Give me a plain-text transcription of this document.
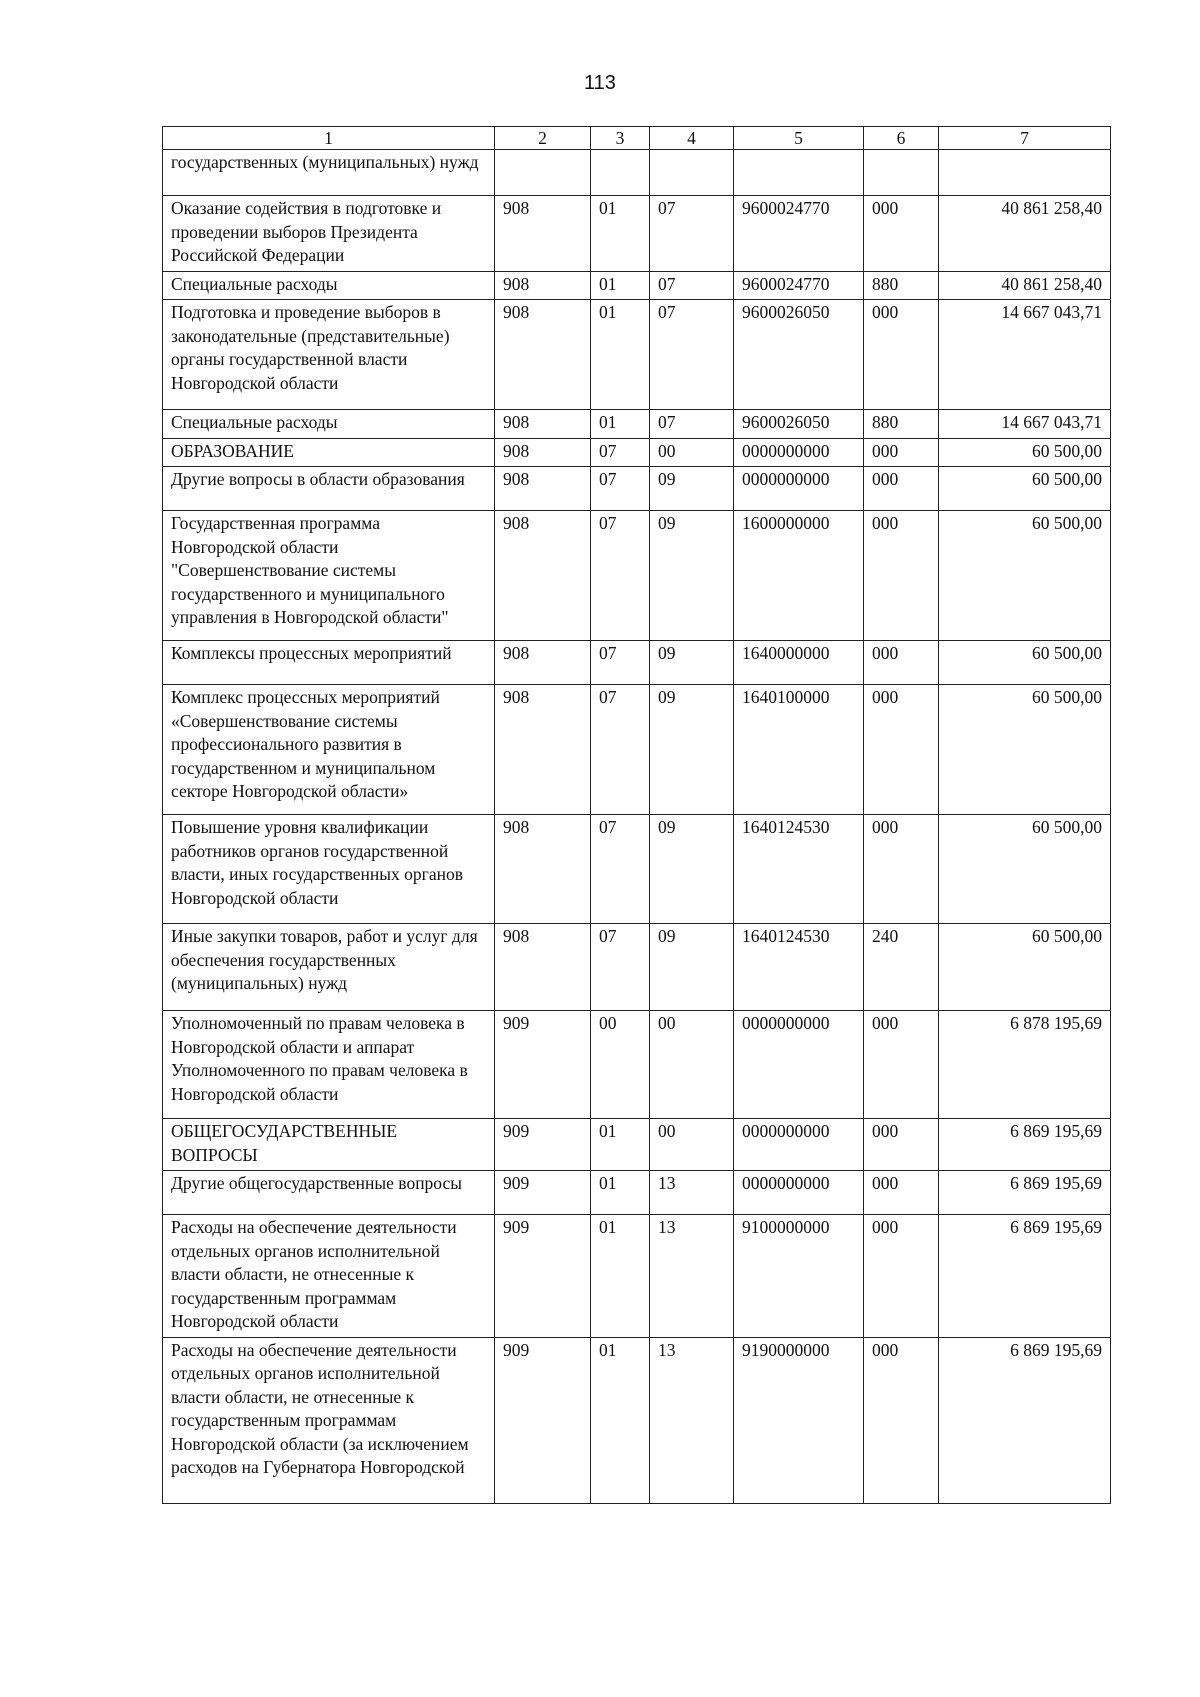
113
1	2	3	4	5	6	7
государственных (муниципальных) нужд						
Оказание содействия в подготовке и проведении выборов Президента Российской Федерации	908	01	07	9600024770	000	40 861 258,40
Специальные расходы	908	01	07	9600024770	880	40 861 258,40
Подготовка и проведение выборов в законодательные (представительные) органы государственной власти Новгородской области	908	01	07	9600026050	000	14 667 043,71
Специальные расходы	908	01	07	9600026050	880	14 667 043,71
ОБРАЗОВАНИЕ	908	07	00	0000000000	000	60 500,00
Другие вопросы в области образования	908	07	09	0000000000	000	60 500,00
Государственная программа Новгородской области "Совершенствование системы государственного и муниципального управления в Новгородской области"	908	07	09	1600000000	000	60 500,00
Комплексы процессных мероприятий	908	07	09	1640000000	000	60 500,00
Комплекс процессных мероприятий «Совершенствование системы профессионального развития в государственном и муниципальном секторе Новгородской области»	908	07	09	1640100000	000	60 500,00
Повышение уровня квалификации работников органов государственной власти, иных государственных органов Новгородской области	908	07	09	1640124530	000	60 500,00
Иные закупки товаров, работ и услуг для обеспечения государственных (муниципальных) нужд	908	07	09	1640124530	240	60 500,00
Уполномоченный по правам человека в Новгородской области и аппарат Уполномоченного по правам человека в Новгородской области	909	00	00	0000000000	000	6 878 195,69
ОБЩЕГОСУДАРСТВЕННЫЕ ВОПРОСЫ	909	01	00	0000000000	000	6 869 195,69
Другие общегосударственные вопросы	909	01	13	0000000000	000	6 869 195,69
Расходы на обеспечение деятельности отдельных органов исполнительной власти области, не отнесенные к государственным программам Новгородской области	909	01	13	9100000000	000	6 869 195,69
Расходы на обеспечение деятельности отдельных органов исполнительной власти области, не отнесенные к государственным программам Новгородской области (за исключением расходов на Губернатора Новгородской	909	01	13	9190000000	000	6 869 195,69
